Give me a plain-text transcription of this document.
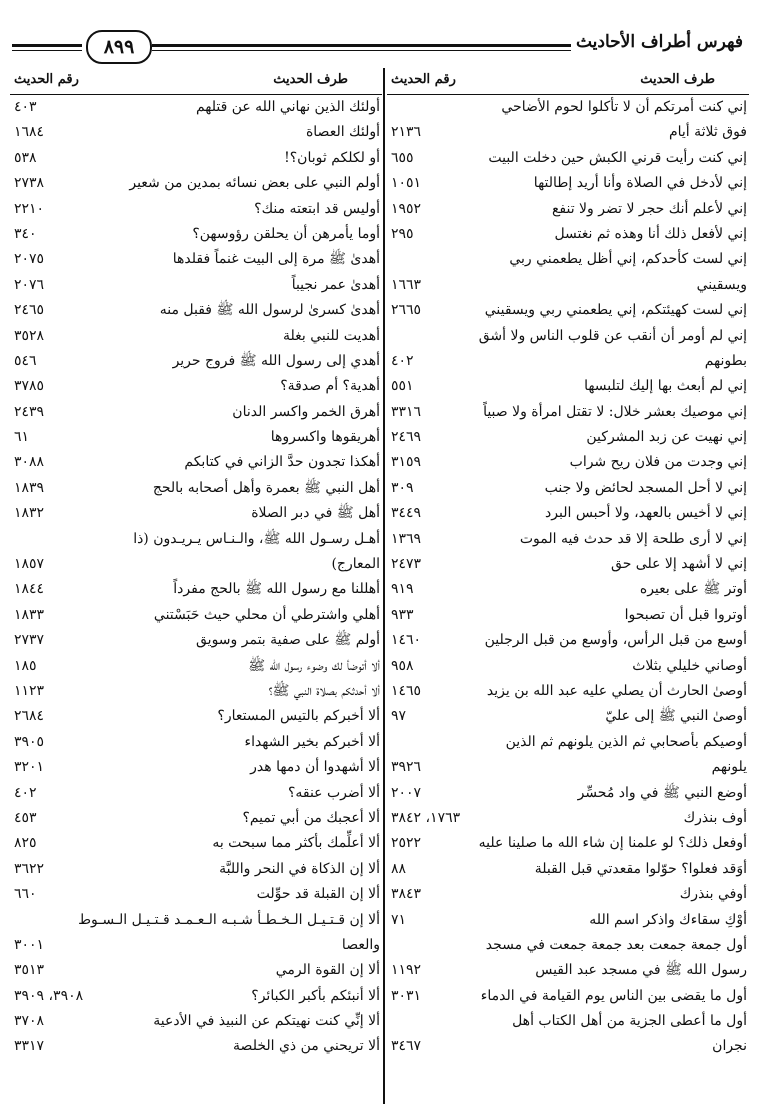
٨٩٩	فهرس أطراف الأحاديث
طرف الحديث
رقم الحديث
إني كنت أمرتكم أن لا تأكلوا لحوم الأضاحي
فوق ثلاثة أيام
٢١٣٦
إني كنت رأيت قرني الكبش حين دخلت البيت
٦٥٥
إني لأدخل في الصلاة وأنا أريد إطالتها
١٠٥١
إني لأعلم أنك حجر لا تضر ولا تنفع
١٩٥٢
إني لأفعل ذلك أنا وهذه ثم نغتسل
٢٩٥
إني لست كأحدكم، إني أظل يطعمني ربي
ويسقيني
١٦٦٣
إني لست كهيئتكم، إني يطعمني ربي ويسقيني
٢٦٦٥
إني لم أومر أن أنقب عن قلوب الناس ولا أشق
بطونهم
٤٠٢
إني لم أبعث بها إليك لتلبسها
٥٥١
إني موصيك بعشر خلال: لا تقتل امرأة ولا صبياً
٣٣١٦
إني نهيت عن زبد المشركين
٢٤٦٩
إني وجدت من فلان ريح شراب
٣١٥٩
إني لا أحل المسجد لحائض ولا جنب
٣٠٩
إني لا أخيس بالعهد، ولا أحبس البرد
٣٤٤٩
إني لا أرى طلحة إلا قد حدث فيه الموت
١٣٦٩
إني لا أشهد إلا على حق
٢٤٧٣
أوتر ﷺ على بعيره
٩١٩
أوتروا قبل أن تصبحوا
٩٣٣
أوسع من قبل الرأس، وأوسع من قبل الرجلين
١٤٦٠
أوصاني خليلي بثلاث
٩٥٨
أوصىٰ الحارث أن يصلي عليه عبد الله بن يزيد
١٤٦٥
أوصىٰ النبي ﷺ إلى عليّ
٩٧
أوصيكم بأصحابي ثم الذين يلونهم ثم الذين
يلونهم
٣٩٢٦
أوضع النبي ﷺ في واد مُحسِّر
٢٠٠٧
أوف بنذرك
١٧٦٣، ٣٨٤٢
أوفعل ذلك؟ لو علمنا إن شاء الله ما صلينا عليه
٢٥٢٢
أوَقد فعلوا؟ حوّلوا مقعدتي قبل القبلة
٨٨
أوفي بنذرك
٣٨٤٣
أوْكِ سقاءك واذكر اسم الله
٧١
أول جمعة جمعت بعد جمعة جمعت في مسجد
رسول الله ﷺ في مسجد عبد القيس
١١٩٢
أول ما يقضى بين الناس يوم القيامة في الدماء
٣٠٣١
أول ما أعطى الجزية من أهل الكتاب أهل
نجران
٣٤٦٧
طرف الحديث
رقم الحديث
أولئك الذين نهاني الله عن قتلهم
٤٠٣
أولئك العصاة
١٦٨٤
أو لكلكم ثوبان؟!
٥٣٨
أولم النبي على بعض نسائه بمدين من شعير
٢٧٣٨
أوليس قد ابتعته منك؟
٢٢١٠
أوما يأمرهن أن يحلقن رؤوسهن؟
٣٤٠
أهدىٰ ﷺ مرة إلى البيت غنماً فقلدها
٢٠٧٥
أهدىٰ عمر نجيباً
٢٠٧٦
أهدىٰ كسرىٰ لرسول الله ﷺ فقبل منه
٢٤٦٥
أهديت للنبي بغلة
٣٥٢٨
أهدي إلى رسول الله ﷺ فروج حرير
٥٤٦
أهدية؟ أم صدقة؟
٣٧٨٥
أهرق الخمر واكسر الدنان
٢٤٣٩
أهريقوها واكسروها
٦١
أهكذا تجدون حدَّ الزاني في كتابكم
٣٠٨٨
أهل النبي ﷺ بعمرة وأهل أصحابه بالحج
١٨٣٩
أهل ﷺ في دبر الصلاة
١٨٣٢
أهـل رسـول الله ﷺ، والـنـاس يـريـدون (ذا
المعارج)
١٨٥٧
أهللنا مع رسول الله ﷺ بالحج مفرداً
١٨٤٤
أهلي واشترطي أن محلي حيث حَبَسْتني
١٨٣٣
أولم ﷺ على صفية بتمر وسويق
٢٧٣٧
ألا أتوضأ لك وضوء رسول الله ﷺ
١٨٥
ألا أحدثكم بصلاة النبي ﷺ؟
١١٢٣
ألا أخبركم بالتيس المستعار؟
٢٦٨٤
ألا أخبركم بخير الشهداء
٣٩٠٥
ألا أشهدوا أن دمها هدر
٣٢٠١
ألا أضرب عنقه؟
٤٠٢
ألا أعجبك من أبي تميم؟
٤٥٣
ألا أعلِّمك بأكثر مما سبحت به
٨٢٥
ألا إن الذكاة في النحر واللبَّة
٣٦٢٢
ألا إن القبلة قد حوِّلت
٦٦٠
ألا إن قـتـيـل الـخـطـأ شـبـه الـعـمـد قـتـيـل الـسـوط
والعصا
٣٠٠١
ألا إن القوة الرمي
٣٥١٣
ألا أنبئكم بأكبر الكبائر؟
٣٩٠٨، ٣٩٠٩
ألا إنِّي كنت نهيتكم عن النبيذ في الأدعية
٣٧٠٨
ألا تريحني من ذي الخلصة
٣٣١٧
